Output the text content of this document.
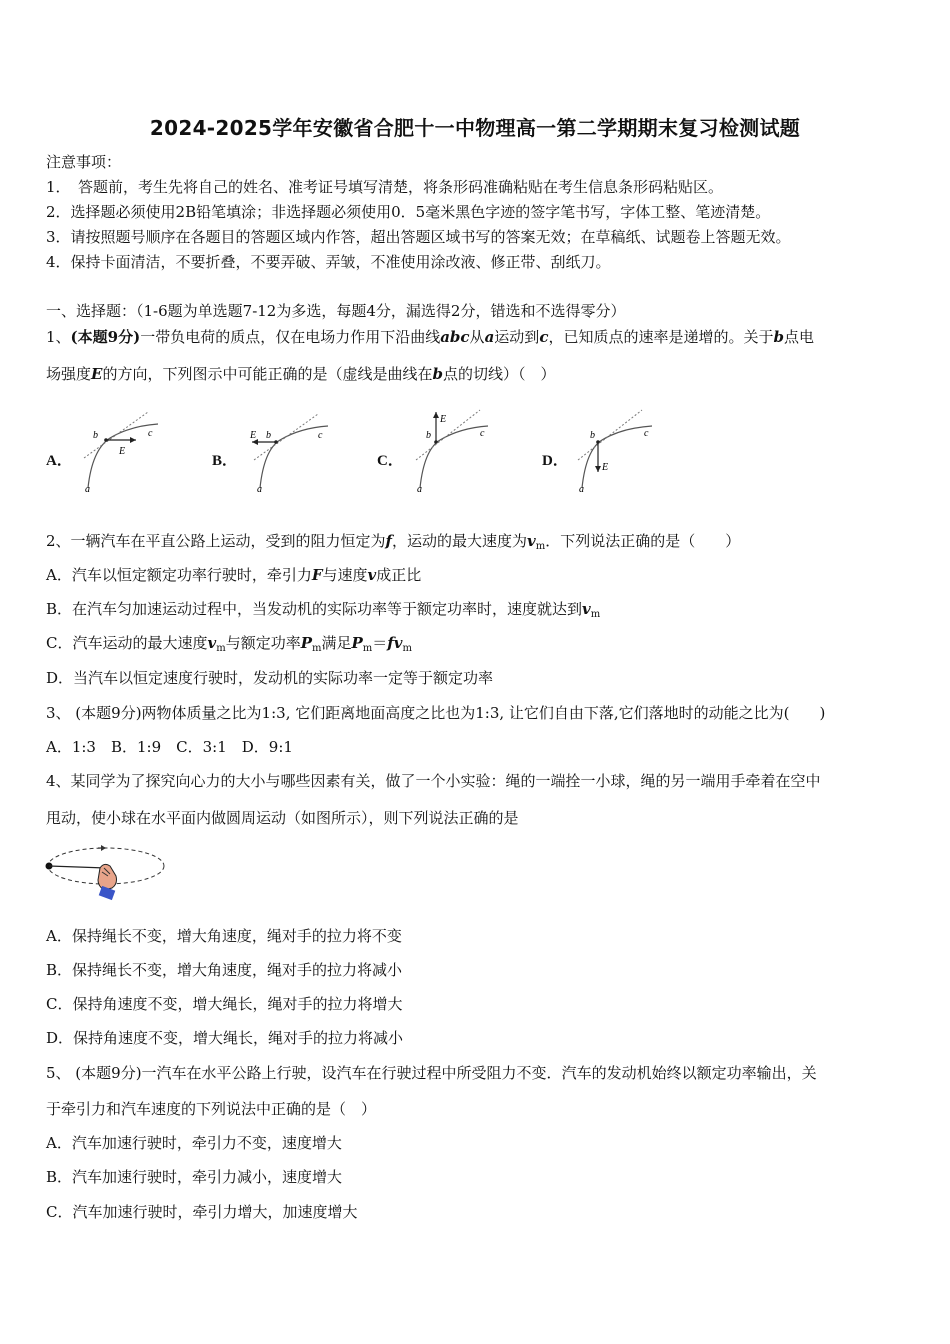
2024-2025学年安徽省合肥十一中物理高一第二学期期末复习检测试题
注意事项：
1．　答题前，考生先将自己的姓名、准考证号填写清楚，将条形码准确粘贴在考生信息条形码粘贴区。
2．选择题必须使用2B铅笔填涂；非选择题必须使用0．5毫米黑色字迹的签字笔书写，字体工整、笔迹清楚。
3．请按照题号顺序在各题目的答题区域内作答，超出答题区域书写的答案无效；在草稿纸、试题卷上答题无效。
4．保持卡面清洁，不要折叠，不要弄破、弄皱，不准使用涂改液、修正带、刮纸刀。
一、选择题：（1-6题为单选题7-12为多选，每题4分，漏选得2分，错选和不选得零分）
1、(本题9分)一带负电荷的质点，仅在电场力作用下沿曲线abc从a运动到c，已知质点的速率是递增的。关于b点电
场强度E的方向，下列图示中可能正确的是（虚线是曲线在b点的切线）（　）
A．	B．	C．	D．
b	c
E
a
E b	c
a
E
b	c
a
E
b	c
a
2、一辆汽车在平直公路上运动，受到的阻力恒定为f，运动的最大速度为$v_m$．下列说法正确的是（　　）
A．汽车以恒定额定功率行驶时，牵引力F与速度v成正比
B．在汽车匀加速运动过程中，当发动机的实际功率等于额定功率时，速度就达到$v_m$
C．汽车运动的最大速度$v_m$与额定功率$P_m$满足$P_m=fv_m$
D．当汽车以恒定速度行驶时，发动机的实际功率一定等于额定功率
3、 (本题9分)两物体质量之比为1:3, 它们距离地面高度之比也为1:3, 让它们自由下落,它们落地时的动能之比为(　　)
A．1:3　B．1:9　C．3:1　D．9:1
4、某同学为了探究向心力的大小与哪些因素有关，做了一个小实验：绳的一端拴一小球，绳的另一端用手牵着在空中
甩动，使小球在水平面内做圆周运动（如图所示），则下列说法正确的是
A．保持绳长不变，增大角速度，绳对手的拉力将不变
B．保持绳长不变，增大角速度，绳对手的拉力将减小
C．保持角速度不变，增大绳长，绳对手的拉力将增大
D．保持角速度不变，增大绳长，绳对手的拉力将减小
5、 (本题9分)一汽车在水平公路上行驶，设汽车在行驶过程中所受阻力不变．汽车的发动机始终以额定功率输出，关
于牵引力和汽车速度的下列说法中正确的是（　）
A．汽车加速行驶时，牵引力不变，速度增大
B．汽车加速行驶时，牵引力减小，速度增大
C．汽车加速行驶时，牵引力增大，加速度增大
